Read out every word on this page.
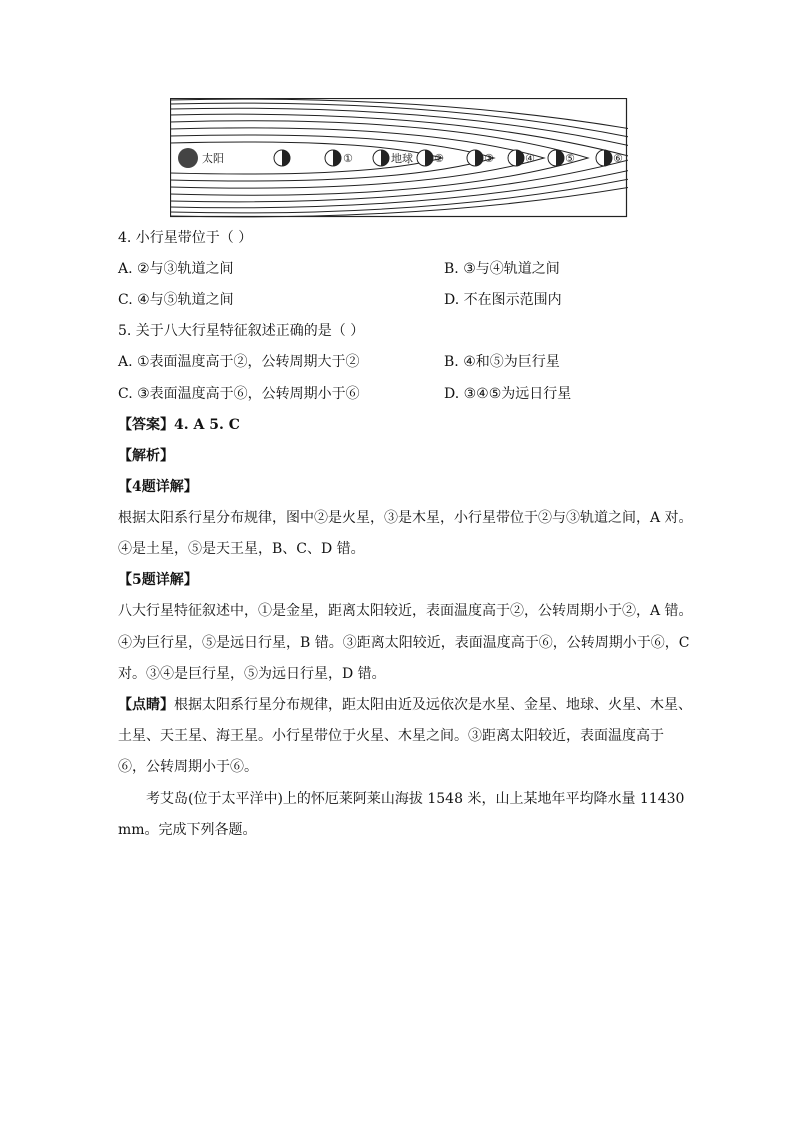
太阳	①	地球 ②	③	④	⑤	⑥
4. 小行星带位于（ ）
A. ②与③轨道之间	B. ③与④轨道之间
C. ④与⑤轨道之间	D. 不在图示范围内
5. 关于八大行星特征叙述正确的是（ ）
A. ①表面温度高于②，公转周期大于②	B. ④和⑤为巨行星
C. ③表面温度高于⑥，公转周期小于⑥	D. ③④⑤为远日行星
【答案】4. A 5. C
【解析】
【4题详解】
根据太阳系行星分布规律，图中②是火星，③是木星，小行星带位于②与③轨道之间，A 对。
④是土星，⑤是天王星，B、C、D 错。
【5题详解】
八大行星特征叙述中，①是金星，距离太阳较近，表面温度高于②，公转周期小于②，A 错。
④为巨行星，⑤是远日行星，B 错。③距离太阳较近，表面温度高于⑥，公转周期小于⑥，C
对。③④是巨行星，⑤为远日行星，D 错。
【点睛】根据太阳系行星分布规律，距太阳由近及远依次是水星、金星、地球、火星、木星、
土星、天王星、海王星。小行星带位于火星、木星之间。③距离太阳较近，表面温度高于
⑥，公转周期小于⑥。
考艾岛(位于太平洋中)上的怀厄莱阿莱山海拔 1548 米，山上某地年平均降水量 11430
mm。完成下列各题。
